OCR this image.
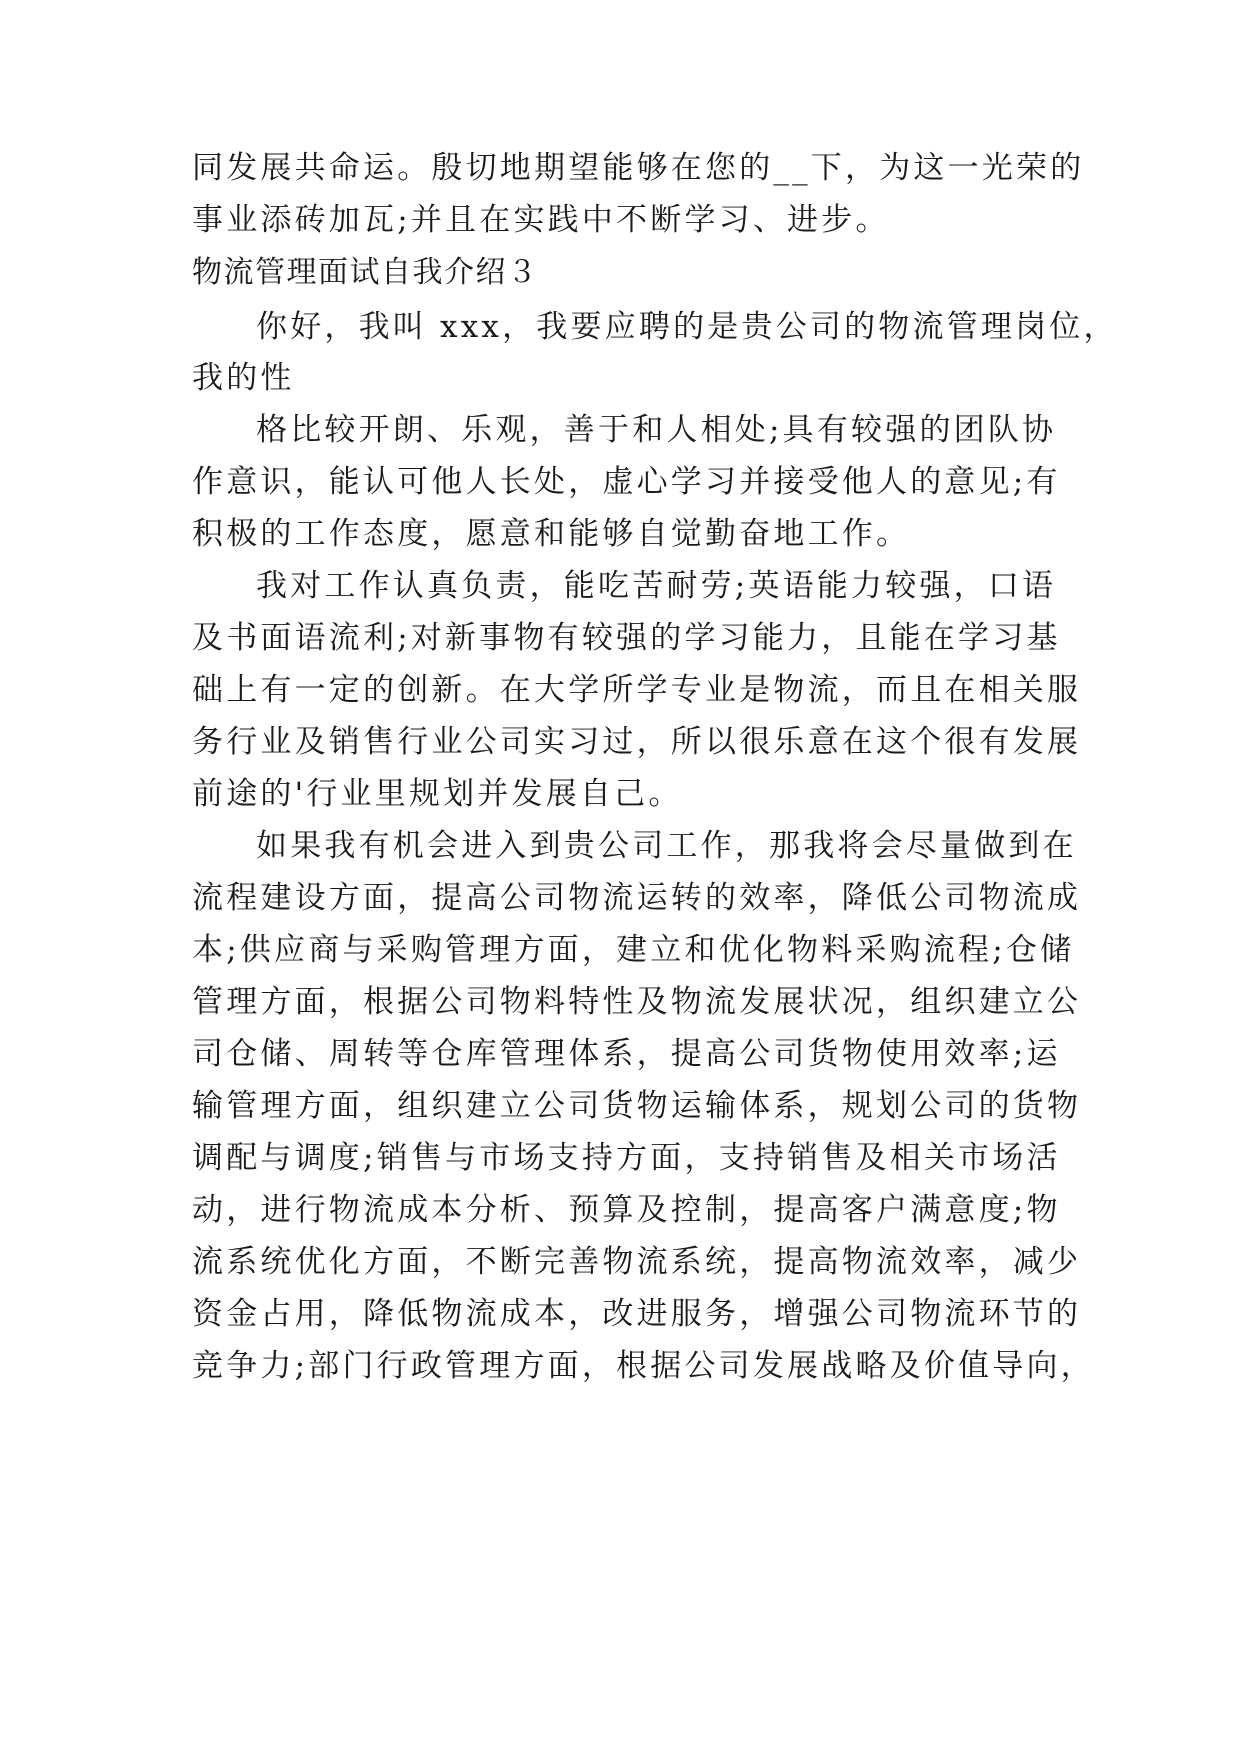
同发展共命运。殷切地期望能够在您的__下，为这一光荣的
事业添砖加瓦;并且在实践中不断学习、进步。
物流管理面试自我介绍３
你好，我叫 xxx，我要应聘的是贵公司的物流管理岗位，
我的性
格比较开朗、乐观，善于和人相处;具有较强的团队协
作意识，能认可他人长处，虚心学习并接受他人的意见;有
积极的工作态度，愿意和能够自觉勤奋地工作。
我对工作认真负责，能吃苦耐劳;英语能力较强，口语
及书面语流利;对新事物有较强的学习能力，且能在学习基
础上有一定的创新。在大学所学专业是物流，而且在相关服
务行业及销售行业公司实习过，所以很乐意在这个很有发展
前途的'行业里规划并发展自己。
如果我有机会进入到贵公司工作，那我将会尽量做到在
流程建设方面，提高公司物流运转的效率，降低公司物流成
本;供应商与采购管理方面，建立和优化物料采购流程;仓储
管理方面，根据公司物料特性及物流发展状况，组织建立公
司仓储、周转等仓库管理体系，提高公司货物使用效率;运
输管理方面，组织建立公司货物运输体系，规划公司的货物
调配与调度;销售与市场支持方面，支持销售及相关市场活
动，进行物流成本分析、预算及控制，提高客户满意度;物
流系统优化方面，不断完善物流系统，提高物流效率，减少
资金占用，降低物流成本，改进服务，增强公司物流环节的
竞争力;部门行政管理方面，根据公司发展战略及价值导向，
